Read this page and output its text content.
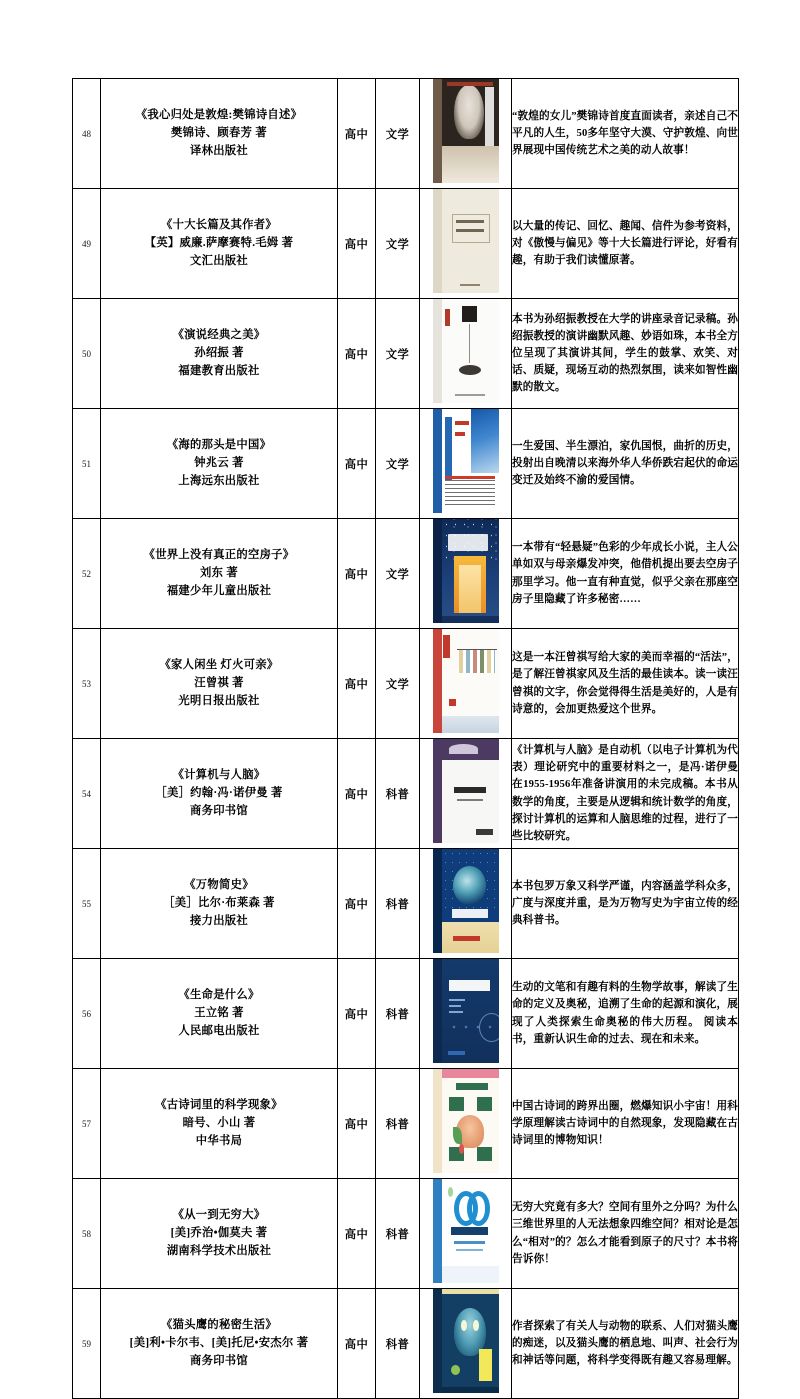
48	《我心归处是敦煌:樊锦诗自述》
樊锦诗、顾春芳 著
译林出版社	高中	文学		“敦煌的女儿”樊锦诗首度直面读者，亲述自己不平凡的人生，50多年坚守大漠、守护敦煌、向世界展现中国传统艺术之美的动人故事！
49	《十大长篇及其作者》
【英】威廉.萨摩赛特.毛姆 著
文汇出版社	高中	文学		以大量的传记、回忆、趣闻、信件为参考资料，对《傲慢与偏见》等十大长篇进行评论，好看有趣，有助于我们读懂原著。
50	《演说经典之美》
孙绍振 著
福建教育出版社	高中	文学		本书为孙绍振教授在大学的讲座录音记录稿。孙绍振教授的演讲幽默风趣、妙语如珠，本书全方位呈现了其演讲其间，学生的鼓掌、欢笑、对话、质疑，现场互动的热烈氛围，读来如智性幽默的散文。
51	《海的那头是中国》
钟兆云 著
上海远东出版社	高中	文学		一生爱国、半生漂泊，家仇国恨，曲折的历史，投射出自晚清以来海外华人华侨跌宕起伏的命运变迁及始终不渝的爱国情。
52	《世界上没有真正的空房子》
刘东 著
福建少年儿童出版社	高中	文学		一本带有“轻悬疑”色彩的少年成长小说，主人公单如双与母亲爆发冲突，他借机提出要去空房子那里学习。他一直有种直觉，似乎父亲在那座空房子里隐藏了许多秘密……
53	《家人闲坐 灯火可亲》
汪曾祺 著
光明日报出版社	高中	文学		这是一本汪曾祺写给大家的美而幸福的“活法”，是了解汪曾祺家风及生活的最佳读本。读一读汪曾祺的文字，你会觉得得生活是美好的，人是有诗意的，会加更热爱这个世界。
54	《计算机与人脑》
［美］约翰·冯·诺伊曼 著
商务印书馆	高中	科普		《计算机与人脑》是自动机（以电子计算机为代表）理论研究中的重要材料之一，是冯·诺伊曼在1955-1956年准备讲演用的未完成稿。本书从数学的角度，主要是从逻辑和统计数学的角度，探讨计算机的运算和人脑思维的过程，进行了一些比较研究。
55	《万物简史》
［美］比尔·布莱森 著
接力出版社	高中	科普		本书包罗万象又科学严谨，内容涵盖学科众多，广度与深度并重，是为万物写史为宇宙立传的经典科普书。
56	《生命是什么》
王立铭 著
人民邮电出版社	高中	科普		生动的文笔和有趣有料的生物学故事，解读了生命的定义及奥秘，追溯了生命的起源和演化，展现了人类探索生命奥秘的伟大历程。 阅读本书，重新认识生命的过去、现在和未来。
57	《古诗词里的科学现象》
暗号、小山 著
中华书局	高中	科普		中国古诗词的跨界出圈，燃爆知识小宇宙！用科学原理解读古诗词中的自然现象，发现隐藏在古诗词里的博物知识！
58	《从一到无穷大》
[美]乔治•伽莫夫 著
湖南科学技术出版社	高中	科普		无穷大究竟有多大？空间有里外之分吗？为什么三维世界里的人无法想象四维空间？相对论是怎么“相对”的？怎么才能看到原子的尺寸？本书将告诉你！
59	《猫头鹰的秘密生活》
[美]利•卡尔韦、[美]托尼•安杰尔 著
商务印书馆	高中	科普		作者探索了有关人与动物的联系、人们对猫头鹰的痴迷，以及猫头鹰的栖息地、叫声、社会行为和神话等问题，将科学变得既有趣又容易理解。
